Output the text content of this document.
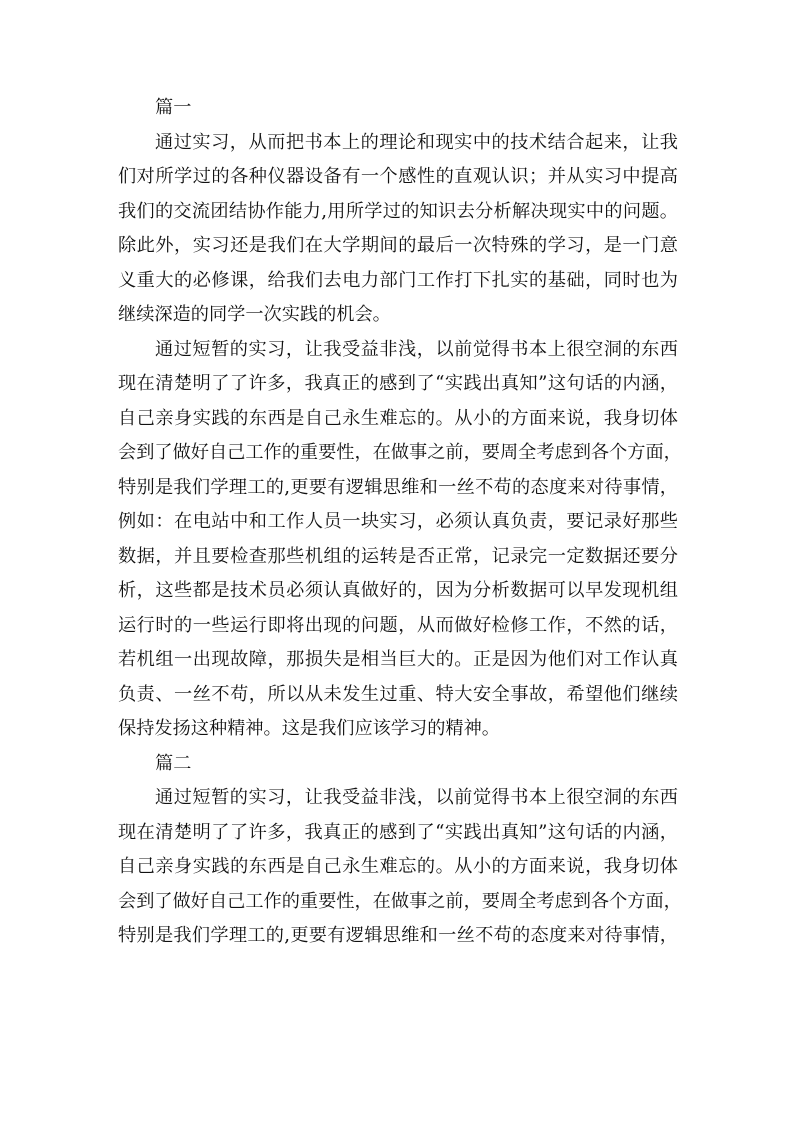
篇一

通过实习，从而把书本上的理论和现实中的技术结合起来，让我
们对所学过的各种仪器设备有一个感性的直观认识；并从实习中提高
我们的交流团结协作能力,用所学过的知识去分析解决现实中的问题。
除此外，实习还是我们在大学期间的最后一次特殊的学习，是一门意
义重大的必修课，给我们去电力部门工作打下扎实的基础，同时也为
继续深造的同学一次实践的机会。
通过短暂的实习，让我受益非浅，以前觉得书本上很空洞的东西
现在清楚明了了许多，我真正的感到了“实践出真知”这句话的内涵，
自己亲身实践的东西是自己永生难忘的。从小的方面来说，我身切体
会到了做好自己工作的重要性，在做事之前，要周全考虑到各个方面，
特别是我们学理工的,更要有逻辑思维和一丝不苟的态度来对待事情，
例如：在电站中和工作人员一块实习，必须认真负责，要记录好那些
数据，并且要检查那些机组的运转是否正常，记录完一定数据还要分
析，这些都是技术员必须认真做好的，因为分析数据可以早发现机组
运行时的一些运行即将出现的问题，从而做好检修工作，不然的话，
若机组一出现故障，那损失是相当巨大的。正是因为他们对工作认真
负责、一丝不苟，所以从未发生过重、特大安全事故，希望他们继续
保持发扬这种精神。这是我们应该学习的精神。

篇二

通过短暂的实习，让我受益非浅，以前觉得书本上很空洞的东西
现在清楚明了了许多，我真正的感到了“实践出真知”这句话的内涵，
自己亲身实践的东西是自己永生难忘的。从小的方面来说，我身切体
会到了做好自己工作的重要性，在做事之前，要周全考虑到各个方面，
特别是我们学理工的,更要有逻辑思维和一丝不苟的态度来对待事情，
